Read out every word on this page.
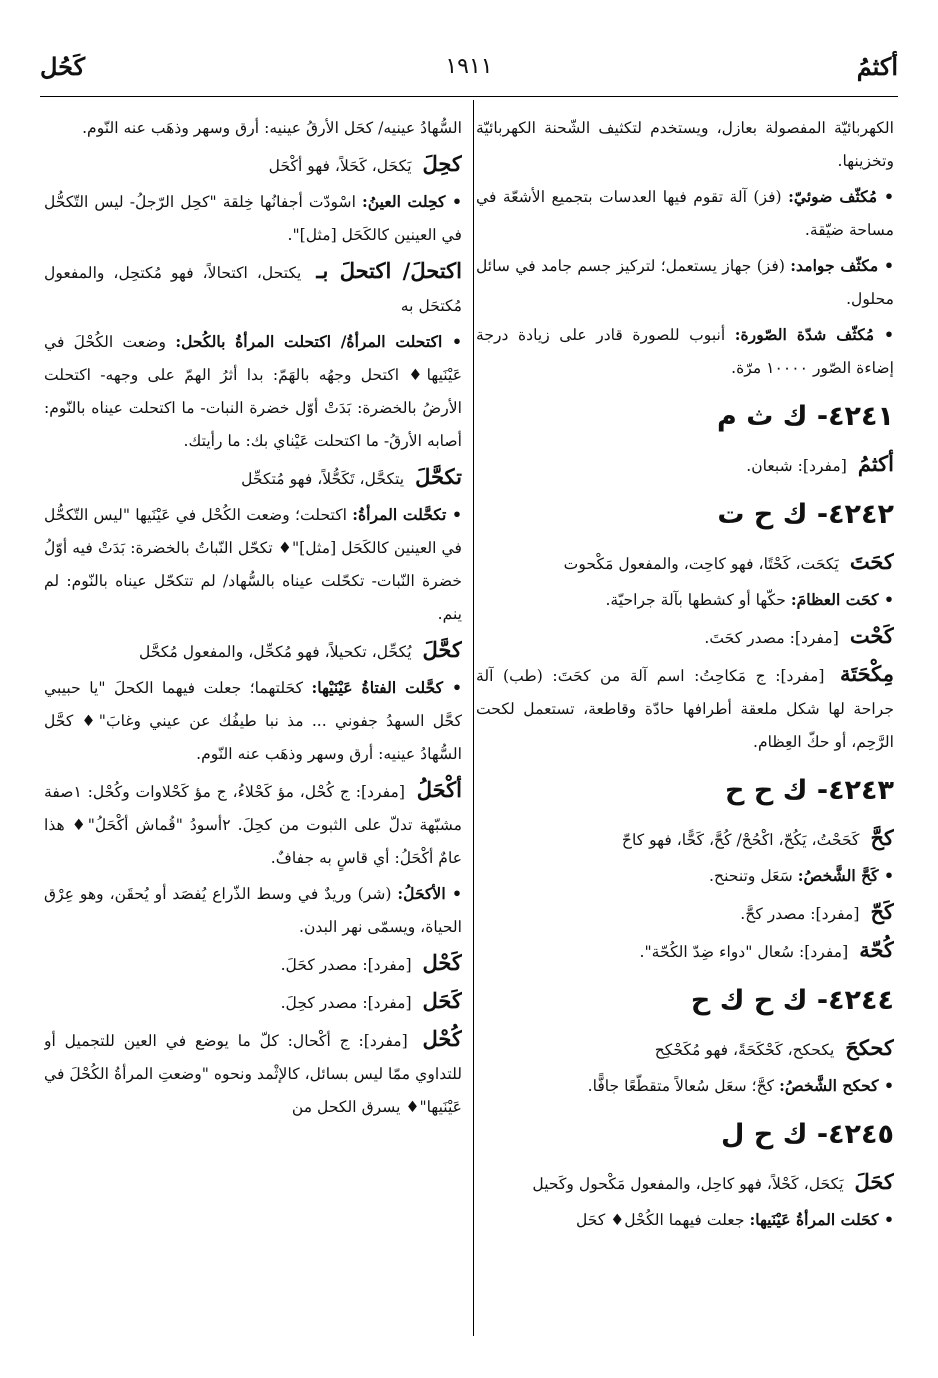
أكثمُ
١٩١١
كَحُل
الكهربائيّة المفصولة بعازل، ويستخدم لتكثيف الشّحنة الكهربائيّة وتخزينها.
• مُكثّف ضوئيّ: (فز) آلة تقوم فيها العدسات بتجميع الأشعّة في مساحة ضيّقة.
• مكثّف جوامد: (فز) جهاز يستعمل؛ لتركيز جسم جامد في سائل محلول.
• مُكثّف شدّة الصّورة: أنبوب للصورة قادر على زيادة درجة إضاءة الصّور ١٠٠٠٠ مرّة.
٤٢٤١- ك ث م
أكثمُ [مفرد]: شبعان.
٤٢٤٢- ك ح ت
كحَتَ يَكحَت، كَحْتًا، فهو كاحِت، والمفعول مَكْحوت
• كحَت العظامَ: حكّها أو كشطها بآلة جراحيّة.
كَحْت [مفرد]: مصدر كحَتَ.
مِكْحَتَة [مفرد]: ج مَكاحِتُ: اسم آلة من كحَتَ: (طب) آلة جراحة لها شكل ملعقة أطرافها حادّة وقاطعة، تستعمل لكحت الرَّحِم، أو حكّ العِظام.
٤٢٤٣- ك ح ح
كحَّ كَحَحْتُ، يَكُحّ، اكْحُحْ/ كُحَّ، كَحًّا، فهو كاحّ
• كَحَّ الشَّخصُ: سَعَل وتنحنح.
كَحّ [مفرد]: مصدر كحَّ.
كُحّة [مفرد]: سُعال "دواء ضِدّ الكُحّة".
٤٢٤٤- ك ح ك ح
كحكحَ يكحكح، كَحْكَحَةً، فهو مُكَحْكِح
• كحكح الشَّخصُ: كحَّ؛ سعَل سُعالاً متقطّعًا جافًّا.
٤٢٤٥- ك ح ل
كحَلَ يَكحَل، كَحْلاً، فهو كاحِل، والمفعول مَكْحول وكَحيل
• كحَلت المرأةُ عَيْنَيها: جعلت فيهما الكُحْل♦ كحَل
السُّهادُ عينيه/ كحَل الأرقُ عينيه: أرق وسهر وذهَب عنه النّوم.
كحِلَ يَكحَل، كَحَلاً، فهو أكْحَل
• كحِلت العينُ: اسْودّت أجفانُها خِلقة "كحِل الرّجلُ- ليس التّكحُّل في العينين كالكَحَل [مثل]".
اكتحلَ/ اكتحلَ بـ يكتحل، اكتحالاً، فهو مُكتحِل، والمفعول مُكتحَل به
• اكتحلت المرأةُ/ اكتحلت المرأةُ بالكُحل: وضعت الكُحْلَ في عَيْنَيها♦ اكتحل وجهُه بالهَمّ: بدا أثرُ الهمّ على وجهه- اكتحلت الأرضُ بالخضرة: بَدَتْ أوّل خضرة النبات- ما اكتحلت عيناه بالنّوم: أصابه الأرقُ- ما اكتحلت عَيْناي بك: ما رأيتك.
تكحَّلَ يتكحَّل، تَكَحُّلاً، فهو مُتكحِّل
• تكحَّلت المرأةُ: اكتحلت؛ وضعت الكُحْل في عَيْنَيها "ليس التّكحُّل في العينين كالكَحَل [مثل]"♦ تكحّل النّباتُ بالخضرة: بَدَتْ فيه أوّلُ خضرة النّبات- تكحّلت عيناه بالسُّهاد/ لم تتكحّل عيناه بالنّوم: لم ينم.
كحَّلَ يُكحِّل، تكحيلاً، فهو مُكحِّل، والمفعول مُكحَّل
• كحَّلت الفتاةُ عَيْنَيْها: كحَلتهما؛ جعلت فيهما الكحلَ "يا حبيبي كحَّل السهدُ جفوني ... مذ نبا طيفُك عن عيني وغابَ"♦ كحَّل السُّهادُ عينيه: أرق وسهر وذهَب عنه النّوم.
أكْحَلُ [مفرد]: ج كُحْل، مؤ كَحْلاءُ، ج مؤ كَحْلاوات وكُحْل: ١صفة مشبّهة تدلّ على الثبوت من كحِلَ. ٢أسودُ "قُماش أكْحَلُ"♦ هذا عامٌ أكْحَلُ: أي قاسٍ به جفافٌ.
• الأكحَلُ: (شر) وريدٌ في وسط الذّراع يُفصَد أو يُحقَن، وهو عِرْق الحياة، ويسمّى نهر البدن.
كَحْل [مفرد]: مصدر كحَلَ.
كَحَل [مفرد]: مصدر كحِلَ.
كُحْل [مفرد]: ج أكْحال: كلّ ما يوضع في العين للتجميل أو للتداوي ممّا ليس بسائل، كالإثْمد ونحوه "وضعتِ المرأةُ الكُحْلَ في عَيْنَيها"♦ يسرق الكحل من
